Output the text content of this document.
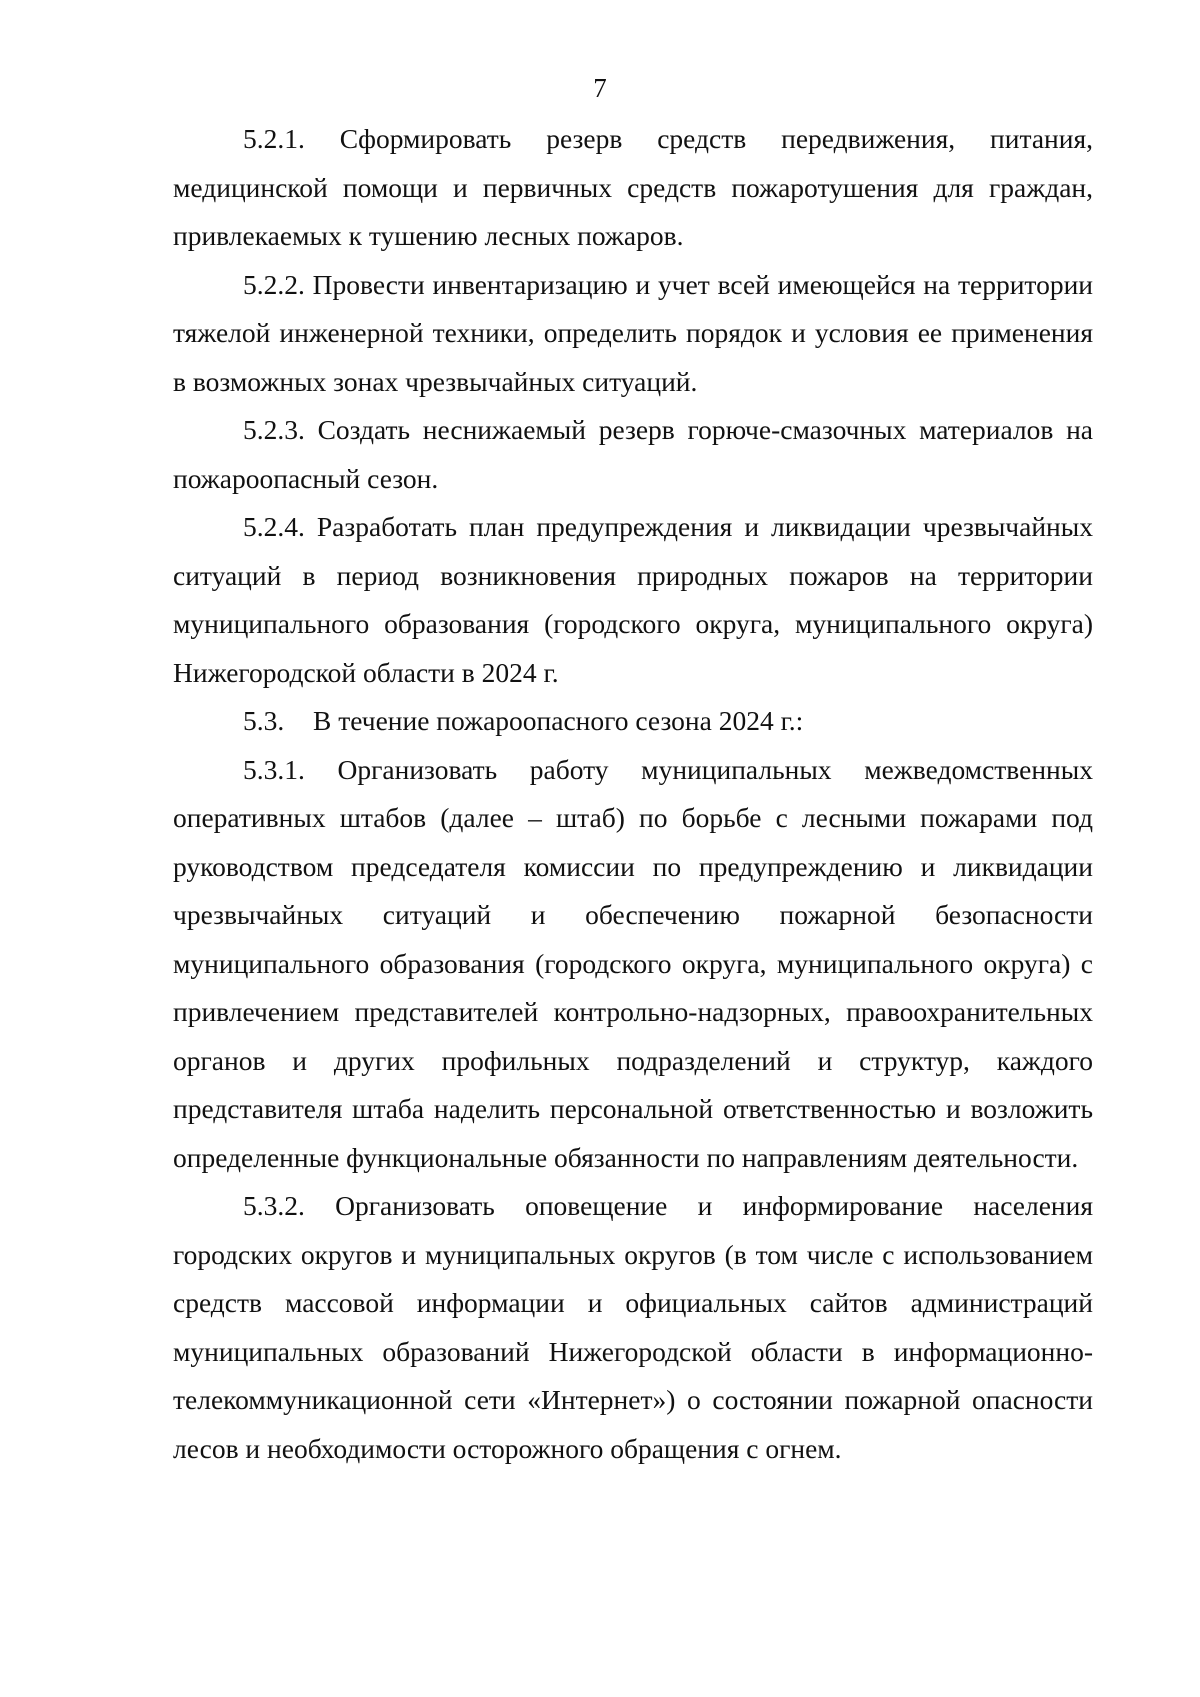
7

5.2.1. Сформировать резерв средств передвижения, питания, медицинской помощи и первичных средств пожаротушения для граждан, привлекаемых к тушению лесных пожаров.

5.2.2. Провести инвентаризацию и учет всей имеющейся на территории тяжелой инженерной техники, определить порядок и условия ее применения в возможных зонах чрезвычайных ситуаций.

5.2.3. Создать неснижаемый резерв горюче-смазочных материалов на пожароопасный сезон.

5.2.4. Разработать план предупреждения и ликвидации чрезвычайных ситуаций в период возникновения природных пожаров на территории муниципального образования (городского округа, муниципального округа) Нижегородской области в 2024 г.

5.3. В течение пожароопасного сезона 2024 г.:

5.3.1. Организовать работу муниципальных межведомственных оперативных штабов (далее – штаб) по борьбе с лесными пожарами под руководством председателя комиссии по предупреждению и ликвидации чрезвычайных ситуаций и обеспечению пожарной безопасности муниципального образования (городского округа, муниципального округа) с привлечением представителей контрольно-надзорных, правоохранительных органов и других профильных подразделений и структур, каждого представителя штаба наделить персональной ответственностью и возложить определенные функциональные обязанности по направлениям деятельности.

5.3.2. Организовать оповещение и информирование населения городских округов и муниципальных округов (в том числе с использованием средств массовой информации и официальных сайтов администраций муниципальных образований Нижегородской области в информационно-телекоммуникационной сети «Интернет») о состоянии пожарной опасности лесов и необходимости осторожного обращения с огнем.
